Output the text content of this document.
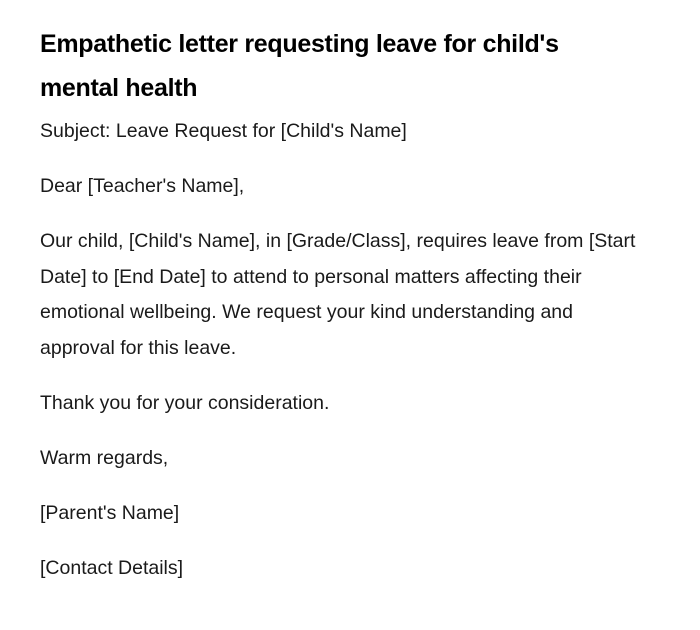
Empathetic letter requesting leave for child's mental health

Subject: Leave Request for [Child's Name]

Dear [Teacher's Name],

Our child, [Child's Name], in [Grade/Class], requires leave from [Start Date] to [End Date] to attend to personal matters affecting their emotional wellbeing. We request your kind understanding and approval for this leave.

Thank you for your consideration.

Warm regards,

[Parent's Name]

[Contact Details]
